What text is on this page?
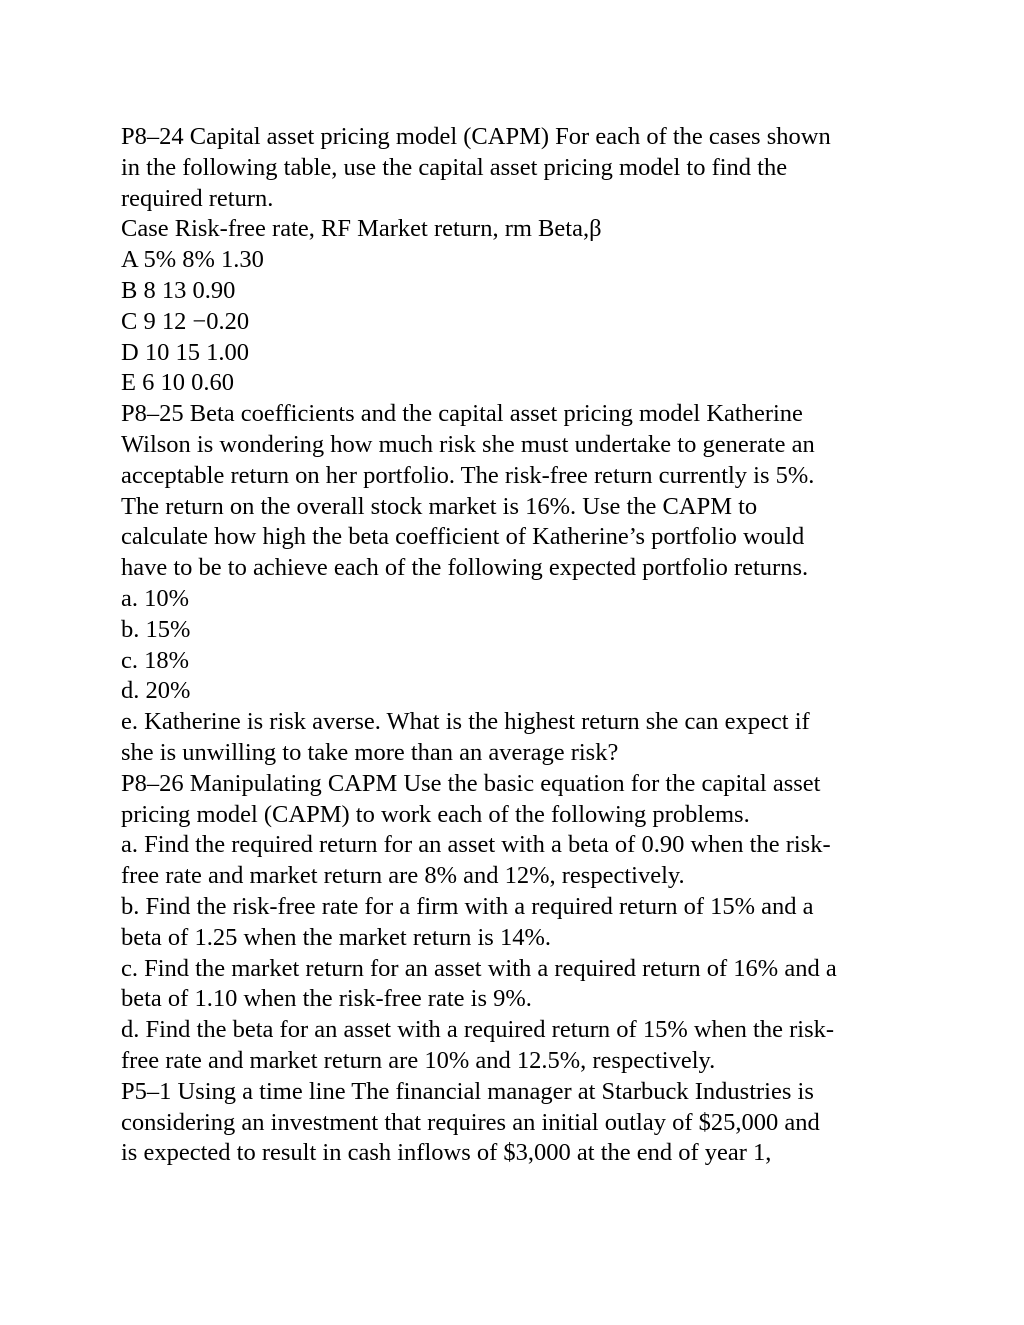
P8–24 Capital asset pricing model (CAPM) For each of the cases shown

in the following table, use the capital asset pricing model to find the

required return.

Case Risk-free rate, RF Market return, rm Beta,β

A 5% 8% 1.30

B 8 13 0.90

C 9 12 −0.20

D 10 15 1.00

E 6 10 0.60

P8–25 Beta coefficients and the capital asset pricing model Katherine

Wilson is wondering how much risk she must undertake to generate an

acceptable return on her portfolio. The risk-free return currently is 5%.

The return on the overall stock market is 16%. Use the CAPM to

calculate how high the beta coefficient of Katherine’s portfolio would

have to be to achieve each of the following expected portfolio returns.

a. 10%

b. 15%

c. 18%

d. 20%

e. Katherine is risk averse. What is the highest return she can expect if

she is unwilling to take more than an average risk?

P8–26 Manipulating CAPM Use the basic equation for the capital asset

pricing model (CAPM) to work each of the following problems.

a. Find the required return for an asset with a beta of 0.90 when the risk-

free rate and market return are 8% and 12%, respectively.

b. Find the risk-free rate for a firm with a required return of 15% and a

beta of 1.25 when the market return is 14%.

c. Find the market return for an asset with a required return of 16% and a

beta of 1.10 when the risk-free rate is 9%.

d. Find the beta for an asset with a required return of 15% when the risk-

free rate and market return are 10% and 12.5%, respectively.

P5–1 Using a time line The financial manager at Starbuck Industries is

considering an investment that requires an initial outlay of $25,000 and

is expected to result in cash inflows of $3,000 at the end of year 1,
